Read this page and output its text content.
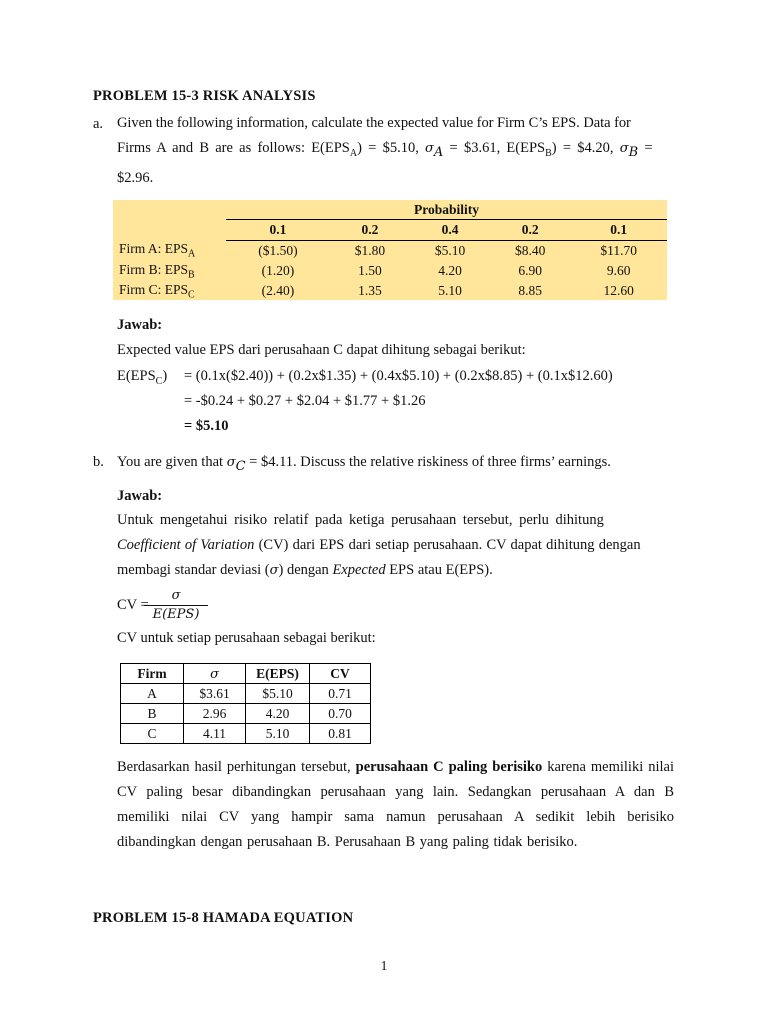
PROBLEM 15-3 RISK ANALYSIS
a. Given the following information, calculate the expected value for Firm C’s EPS. Data for
Firms A and B are as follows: $E(EPS_A)$ = $5.10, $\sigma_A$ = $3.61, $E(EPS_B)$ = $4.20, $\sigma_B$ =
$2.96.
	Probability				
	0.1	0.2	0.4	0.2	0.1
Firm A: $EPS_A$	($1.50)	$1.80	$5.10	$8.40	$11.70
Firm B: $EPS_B$	(1.20)	1.50	4.20	6.90	9.60
Firm C: $EPS_C$	(2.40)	1.35	5.10	8.85	12.60
Jawab:
Expected value EPS dari perusahaan C dapat dihitung sebagai berikut:
$E(EPS_C)$ = (0.1x($2.40)) + (0.2x$1.35) + (0.4x$5.10) + (0.2x$8.85) + (0.1x$12.60)
= -$0.24 + $0.27 + $2.04 + $1.77 + $1.26
= $5.10
b. You are given that $\sigma_C$ = $4.11. Discuss the relative riskiness of three firms’ earnings.
Jawab:
Untuk mengetahui risiko relatif pada ketiga perusahaan tersebut, perlu dihitung
Coefficient of Variation (CV) dari EPS dari setiap perusahaan. CV dapat dihitung dengan
membagi standar deviasi (σ) dengan Expected EPS atau E(EPS).
CV =
σ
E(EPS)
CV untuk setiap perusahaan sebagai berikut:
Firm	σ	E(EPS)	CV
A	$3.61	$5.10	0.71
B	2.96	4.20	0.70
C	4.11	5.10	0.81
Berdasarkan hasil perhitungan tersebut, perusahaan C paling berisiko karena memiliki nilai CV paling besar dibandingkan perusahaan yang lain. Sedangkan perusahaan A dan B memiliki nilai CV yang hampir sama namun perusahaan A sedikit lebih berisiko dibandingkan dengan perusahaan B. Perusahaan B yang paling tidak berisiko.
PROBLEM 15-8 HAMADA EQUATION
1
